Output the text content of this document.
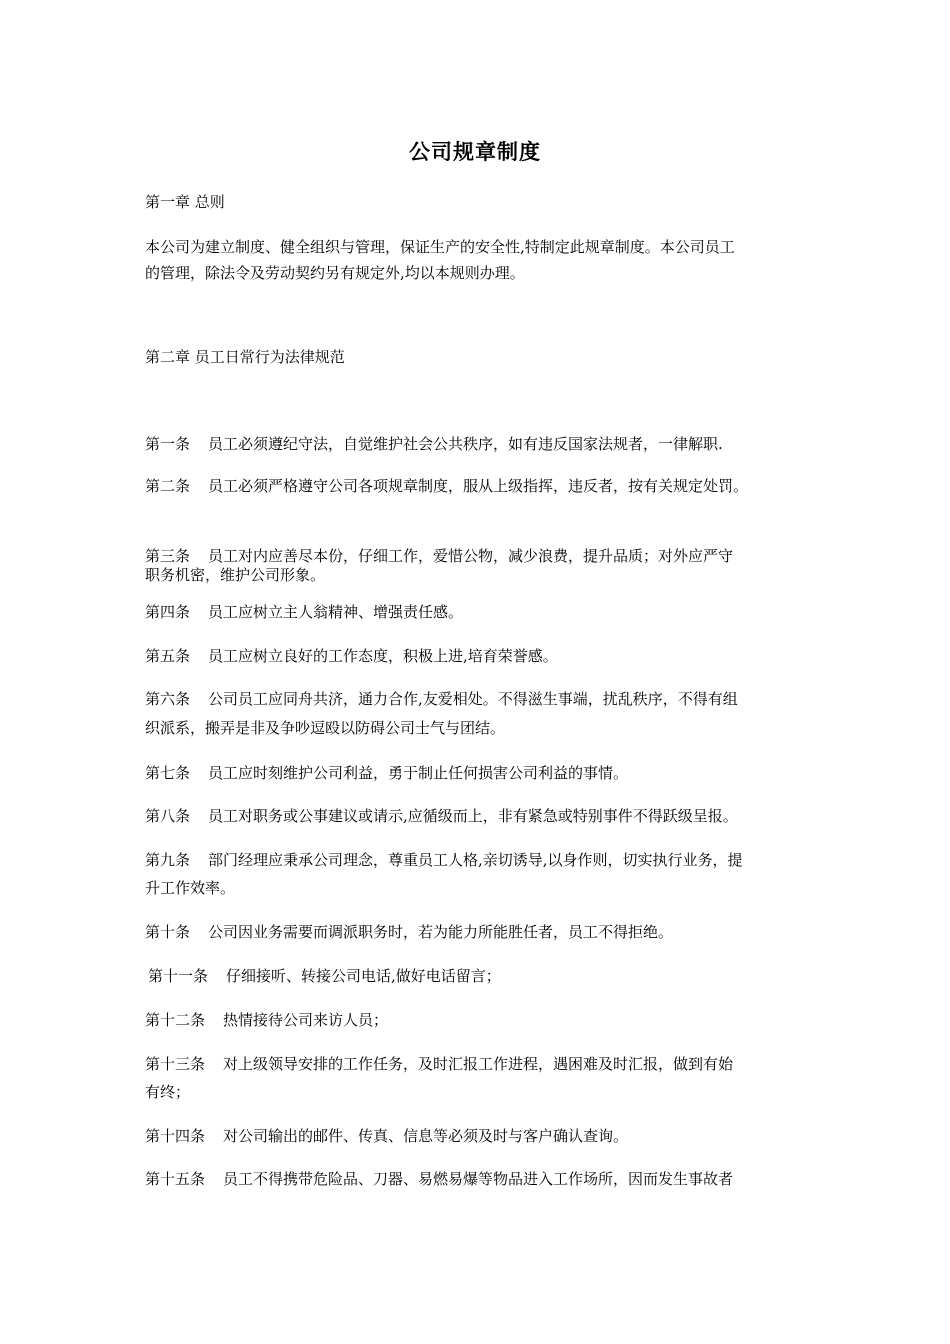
公司规章制度
第一章 总则
本公司为建立制度、健全组织与管理，保证生产的安全性,特制定此规章制度。本公司员工
的管理，除法令及劳动契约另有规定外,均以本规则办理。
第二章 员工日常行为法律规范
第一条 员工必须遵纪守法，自觉维护社会公共秩序，如有违反国家法规者，一律解职.
第二条 员工必须严格遵守公司各项规章制度，服从上级指挥，违反者，按有关规定处罚。
第三条 员工对内应善尽本份，仔细工作，爱惜公物，减少浪费，提升品质；对外应严守
职务机密，维护公司形象。
第四条 员工应树立主人翁精神、增强责任感。
第五条 员工应树立良好的工作态度，积极上进,培育荣誉感。
第六条 公司员工应同舟共济，通力合作,友爱相处。不得滋生事端，扰乱秩序，不得有组
织派系，搬弄是非及争吵逗殴以防碍公司士气与团结。
第七条 员工应时刻维护公司利益，勇于制止任何损害公司利益的事情。
第八条 员工对职务或公事建议或请示,应循级而上，非有紧急或特别事件不得跃级呈报。
第九条 部门经理应秉承公司理念，尊重员工人格,亲切诱导,以身作则，切实执行业务，提
升工作效率。
第十条 公司因业务需要而调派职务时，若为能力所能胜任者，员工不得拒绝。
第十一条 仔细接听、转接公司电话,做好电话留言；
第十二条 热情接待公司来访人员；
第十三条 对上级领导安排的工作任务，及时汇报工作进程，遇困难及时汇报，做到有始
有终；
第十四条 对公司输出的邮件、传真、信息等必须及时与客户确认查询。
第十五条 员工不得携带危险品、刀器、易燃易爆等物品进入工作场所，因而发生事故者
